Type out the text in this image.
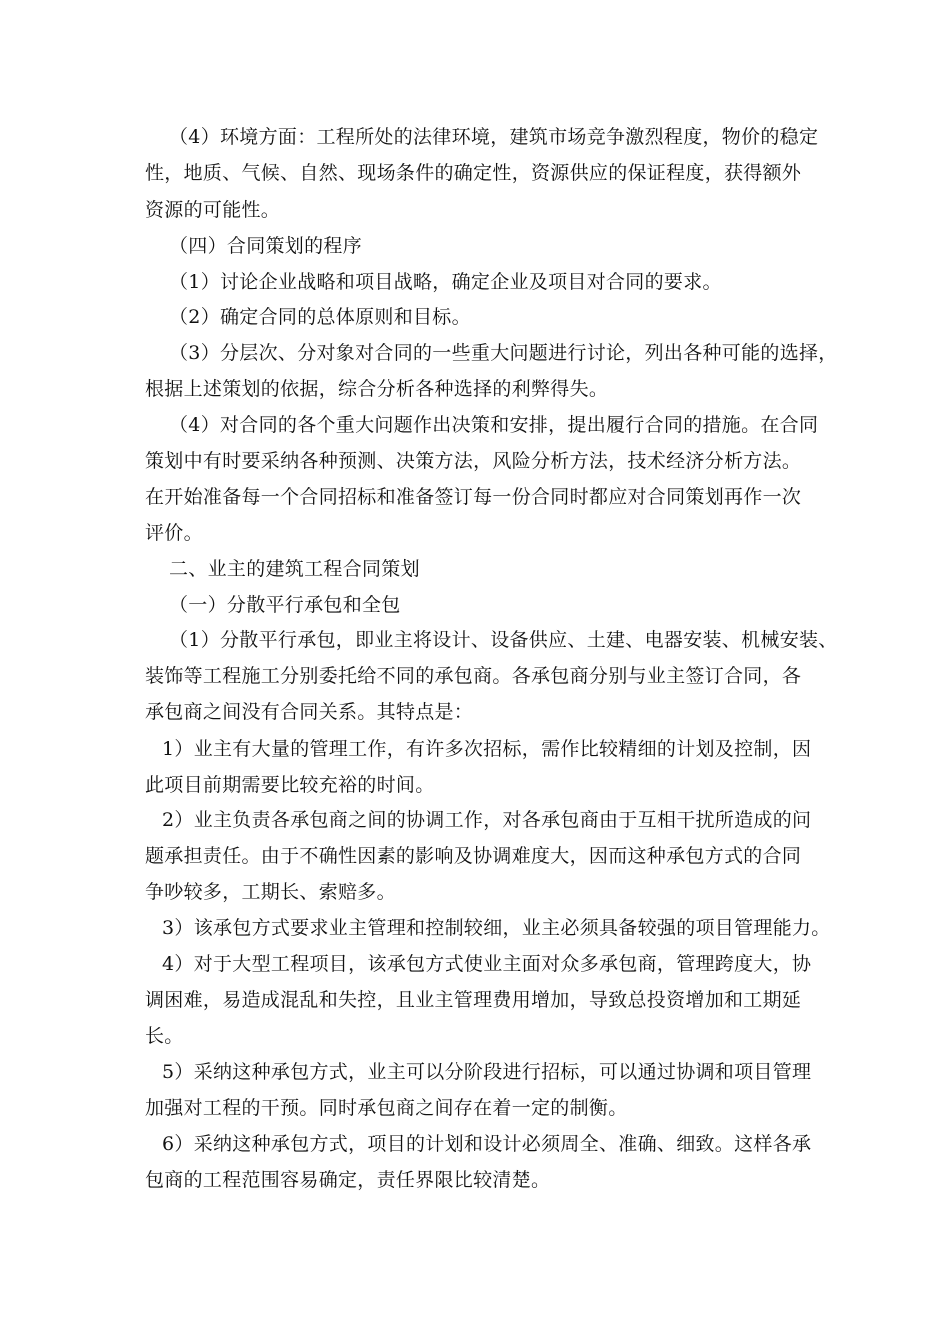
（4）环境方面：工程所处的法律环境，建筑市场竞争激烈程度，物价的稳定
性，地质、气候、自然、现场条件的确定性，资源供应的保证程度，获得额外
资源的可能性。
（四）合同策划的程序
（1）讨论企业战略和项目战略，确定企业及项目对合同的要求。
（2）确定合同的总体原则和目标。
（3）分层次、分对象对合同的一些重大问题进行讨论，列出各种可能的选择，
根据上述策划的依据，综合分析各种选择的利弊得失。
（4）对合同的各个重大问题作出决策和安排，提出履行合同的措施。在合同
策划中有时要采纳各种预测、决策方法，风险分析方法，技术经济分析方法。
在开始准备每一个合同招标和准备签订每一份合同时都应对合同策划再作一次
评价。
二、业主的建筑工程合同策划
（一）分散平行承包和全包
（1）分散平行承包，即业主将设计、设备供应、土建、电器安装、机械安装、
装饰等工程施工分别委托给不同的承包商。各承包商分别与业主签订合同，各
承包商之间没有合同关系。其特点是：
1）业主有大量的管理工作，有许多次招标，需作比较精细的计划及控制，因
此项目前期需要比较充裕的时间。
2）业主负责各承包商之间的协调工作，对各承包商由于互相干扰所造成的问
题承担责任。由于不确性因素的影响及协调难度大，因而这种承包方式的合同
争吵较多，工期长、索赔多。
3）该承包方式要求业主管理和控制较细，业主必须具备较强的项目管理能力。
4）对于大型工程项目，该承包方式使业主面对众多承包商，管理跨度大，协
调困难，易造成混乱和失控，且业主管理费用增加，导致总投资增加和工期延
长。
5）采纳这种承包方式，业主可以分阶段进行招标，可以通过协调和项目管理
加强对工程的干预。同时承包商之间存在着一定的制衡。
6）采纳这种承包方式，项目的计划和设计必须周全、准确、细致。这样各承
包商的工程范围容易确定，责任界限比较清楚。
